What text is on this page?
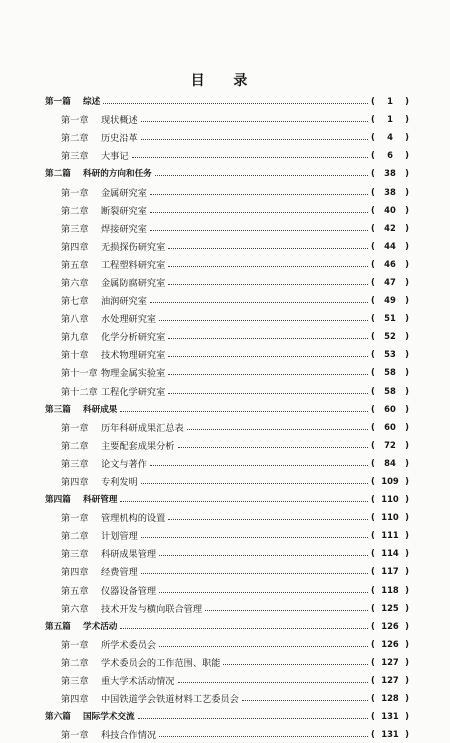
目 录
第一篇	综述	(	1	)
第一章	现状概述	(	1	)
第二章	历史沿革	(	4	)
第三章	大事记	(	6	)
第二篇	科研的方向和任务	(	38	)
第一章	金属研究室	(	38	)
第二章	断裂研究室	(	40	)
第三章	焊接研究室	(	42	)
第四章	无损探伤研究室	(	44	)
第五章	工程塑料研究室	(	46	)
第六章	金属防腐研究室	(	47	)
第七章	油润研究室	(	49	)
第八章	水处理研究室	(	51	)
第九章	化学分析研究室	(	52	)
第十章	技术物理研究室	(	53	)
第十一章 物理金属实验室	(	58	)
第十二章 工程化学研究室	(	58	)
第三篇	科研成果	(	60	)
第一章	历年科研成果汇总表	(	60	)
第二章	主要配套成果分析	(	72	)
第三章	论文与著作	(	84	)
第四章	专利发明	( 109 )
第四篇	科研管理	( 110 )
第一章	管理机构的设置	( 110 )
第二章	计划管理	( 111 )
第三章	科研成果管理	( 114 )
第四章	经费管理	( 117 )
第五章	仪器设备管理	( 118 )
第六章	技术开发与横向联合管理	( 125 )
第五篇	学术活动	( 126 )
第一章	所学术委员会	( 126 )
第二章	学术委员会的工作范围、职能	( 127 )
第三章	重大学术活动情况	( 127 )
第四章	中国铁道学会铁道材料工艺委员会	( 128 )
第六篇	国际学术交流	( 131 )
第一章	科技合作情况	( 131 )
